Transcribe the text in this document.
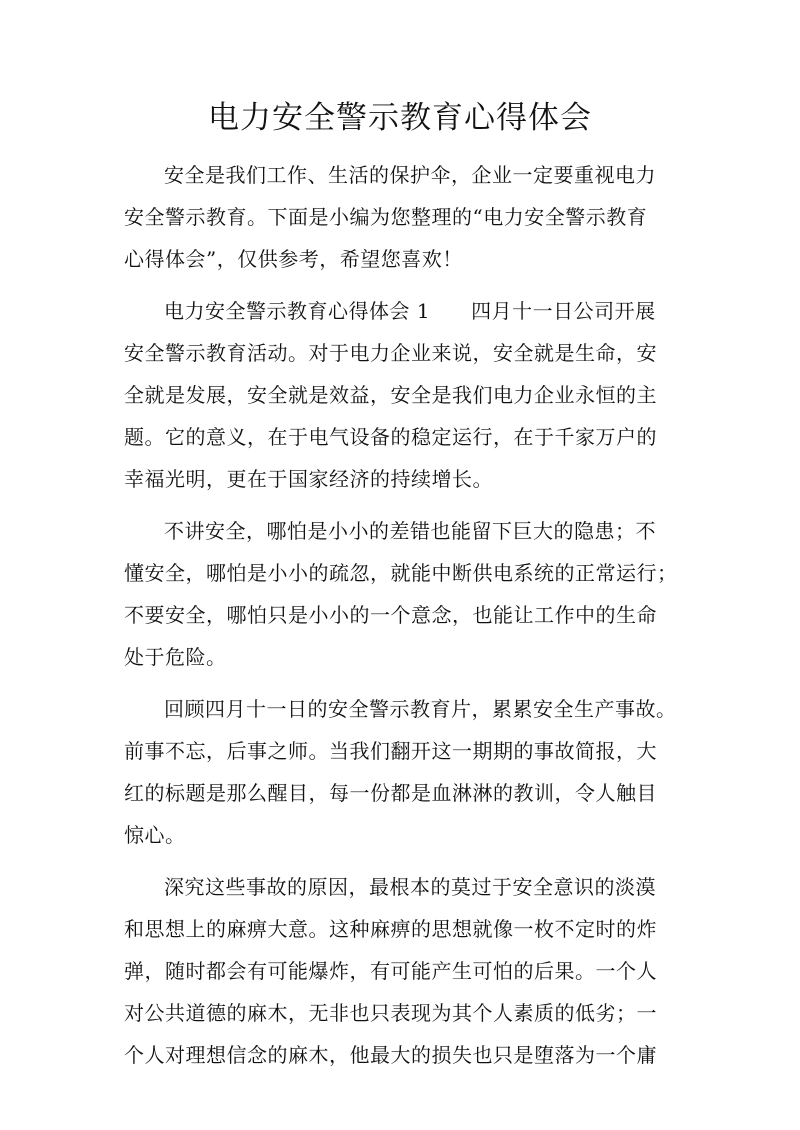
电力安全警示教育心得体会
安全是我们工作、生活的保护伞，企业一定要重视电力
安全警示教育。下面是小编为您整理的“电力安全警示教育
心得体会”，仅供参考，希望您喜欢！
电力安全警示教育心得体会 1　　四月十一日公司开展
安全警示教育活动。对于电力企业来说，安全就是生命，安
全就是发展，安全就是效益，安全是我们电力企业永恒的主
题。它的意义，在于电气设备的稳定运行，在于千家万户的
幸福光明，更在于国家经济的持续增长。
不讲安全，哪怕是小小的差错也能留下巨大的隐患；不
懂安全，哪怕是小小的疏忽，就能中断供电系统的正常运行；
不要安全，哪怕只是小小的一个意念，也能让工作中的生命
处于危险。
回顾四月十一日的安全警示教育片，累累安全生产事故。
前事不忘，后事之师。当我们翻开这一期期的事故简报，大
红的标题是那么醒目，每一份都是血淋淋的教训，令人触目
惊心。
深究这些事故的原因，最根本的莫过于安全意识的淡漠
和思想上的麻痹大意。这种麻痹的思想就像一枚不定时的炸
弹，随时都会有可能爆炸，有可能产生可怕的后果。一个人
对公共道德的麻木，无非也只表现为其个人素质的低劣；一
个人对理想信念的麻木，他最大的损失也只是堕落为一个庸
